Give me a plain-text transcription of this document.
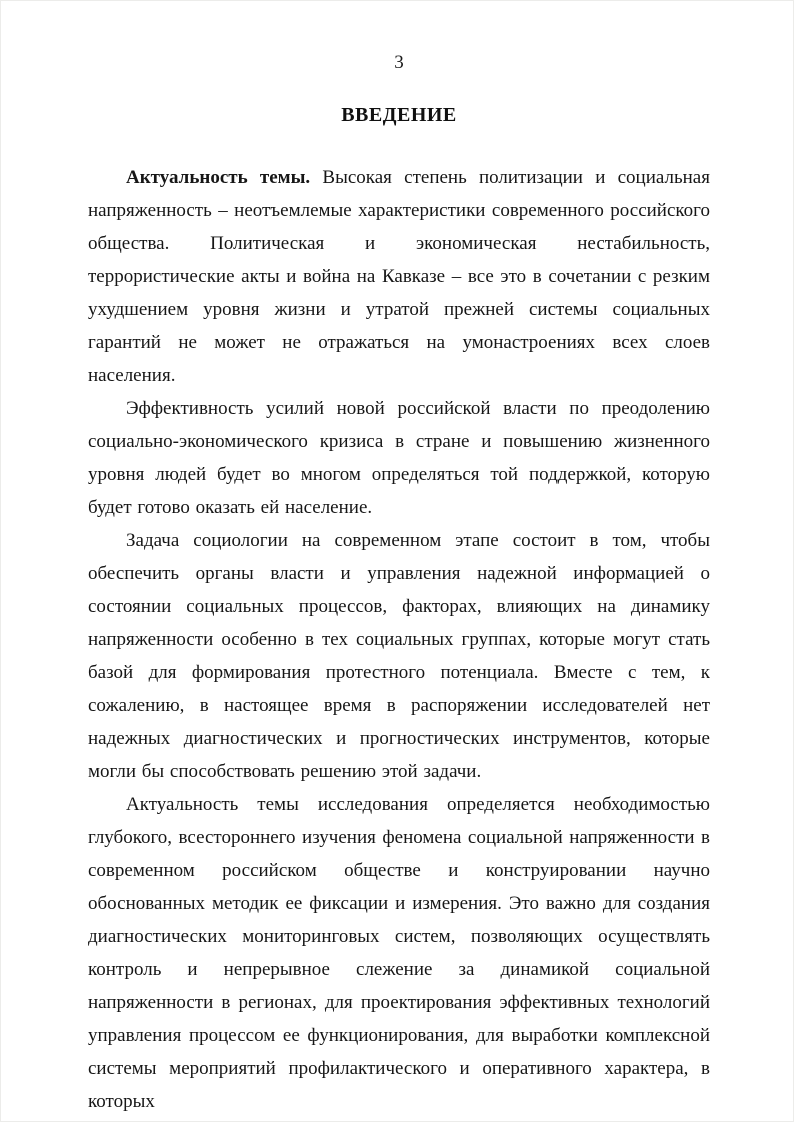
3
ВВЕДЕНИЕ

Актуальность темы. Высокая степень политизации и социальная напряженность – неотъемлемые характеристики современного российского общества. Политическая и экономическая нестабильность, террористические акты и война на Кавказе – все это в сочетании с резким ухудшением уровня жизни и утратой прежней системы социальных гарантий не может не отражаться на умонастроениях всех слоев населения.

Эффективность усилий новой российской власти по преодолению социально-экономического кризиса в стране и повышению жизненного уровня людей будет во многом определяться той поддержкой, которую будет готово оказать ей население.

Задача социологии на современном этапе состоит в том, чтобы обеспечить органы власти и управления надежной информацией о состоянии социальных процессов, факторах, влияющих на динамику напряженности особенно в тех социальных группах, которые могут стать базой для формирования протестного потенциала. Вместе с тем, к сожалению, в настоящее время в распоряжении исследователей нет надежных диагностических и прогностических инструментов, которые могли бы способствовать решению этой задачи.

Актуальность темы исследования определяется необходимостью глубокого, всестороннего изучения феномена социальной напряженности в современном российском обществе и конструировании научно обоснованных методик ее фиксации и измерения. Это важно для создания диагностических мониторинговых систем, позволяющих осуществлять контроль и непрерывное слежение за динамикой социальной напряженности в регионах, для проектирования эффективных технологий управления процессом ее функционирования, для выработки комплексной системы мероприятий профилактического и оперативного характера, в которых
